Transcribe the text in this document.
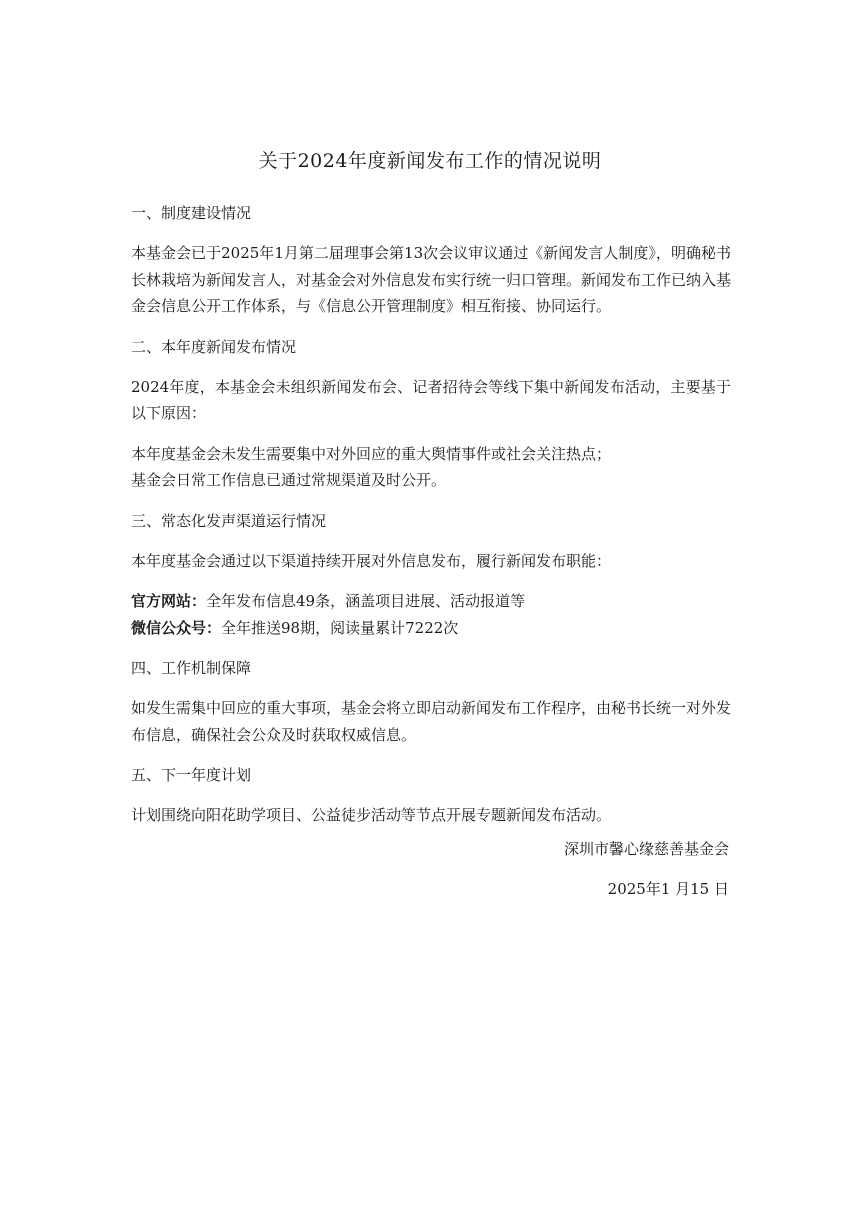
关于2024年度新闻发布工作的情况说明

一、制度建设情况

本基金会已于2025年1月第二届理事会第13次会议审议通过《新闻发言人制度》，明确秘书长林栽培为新闻发言人，对基金会对外信息发布实行统一归口管理。新闻发布工作已纳入基金会信息公开工作体系，与《信息公开管理制度》相互衔接、协同运行。

二、本年度新闻发布情况

2024年度，本基金会未组织新闻发布会、记者招待会等线下集中新闻发布活动，主要基于以下原因：

本年度基金会未发生需要集中对外回应的重大舆情事件或社会关注热点；

基金会日常工作信息已通过常规渠道及时公开。

三、常态化发声渠道运行情况

本年度基金会通过以下渠道持续开展对外信息发布，履行新闻发布职能：

官方网站：全年发布信息49条，涵盖项目进展、活动报道等

微信公众号：全年推送98期，阅读量累计7222次

四、工作机制保障

如发生需集中回应的重大事项，基金会将立即启动新闻发布工作程序，由秘书长统一对外发布信息，确保社会公众及时获取权威信息。

五、下一年度计划

计划围绕向阳花助学项目、公益徒步活动等节点开展专题新闻发布活动。

深圳市馨心缘慈善基金会

2025年1 月15 日
